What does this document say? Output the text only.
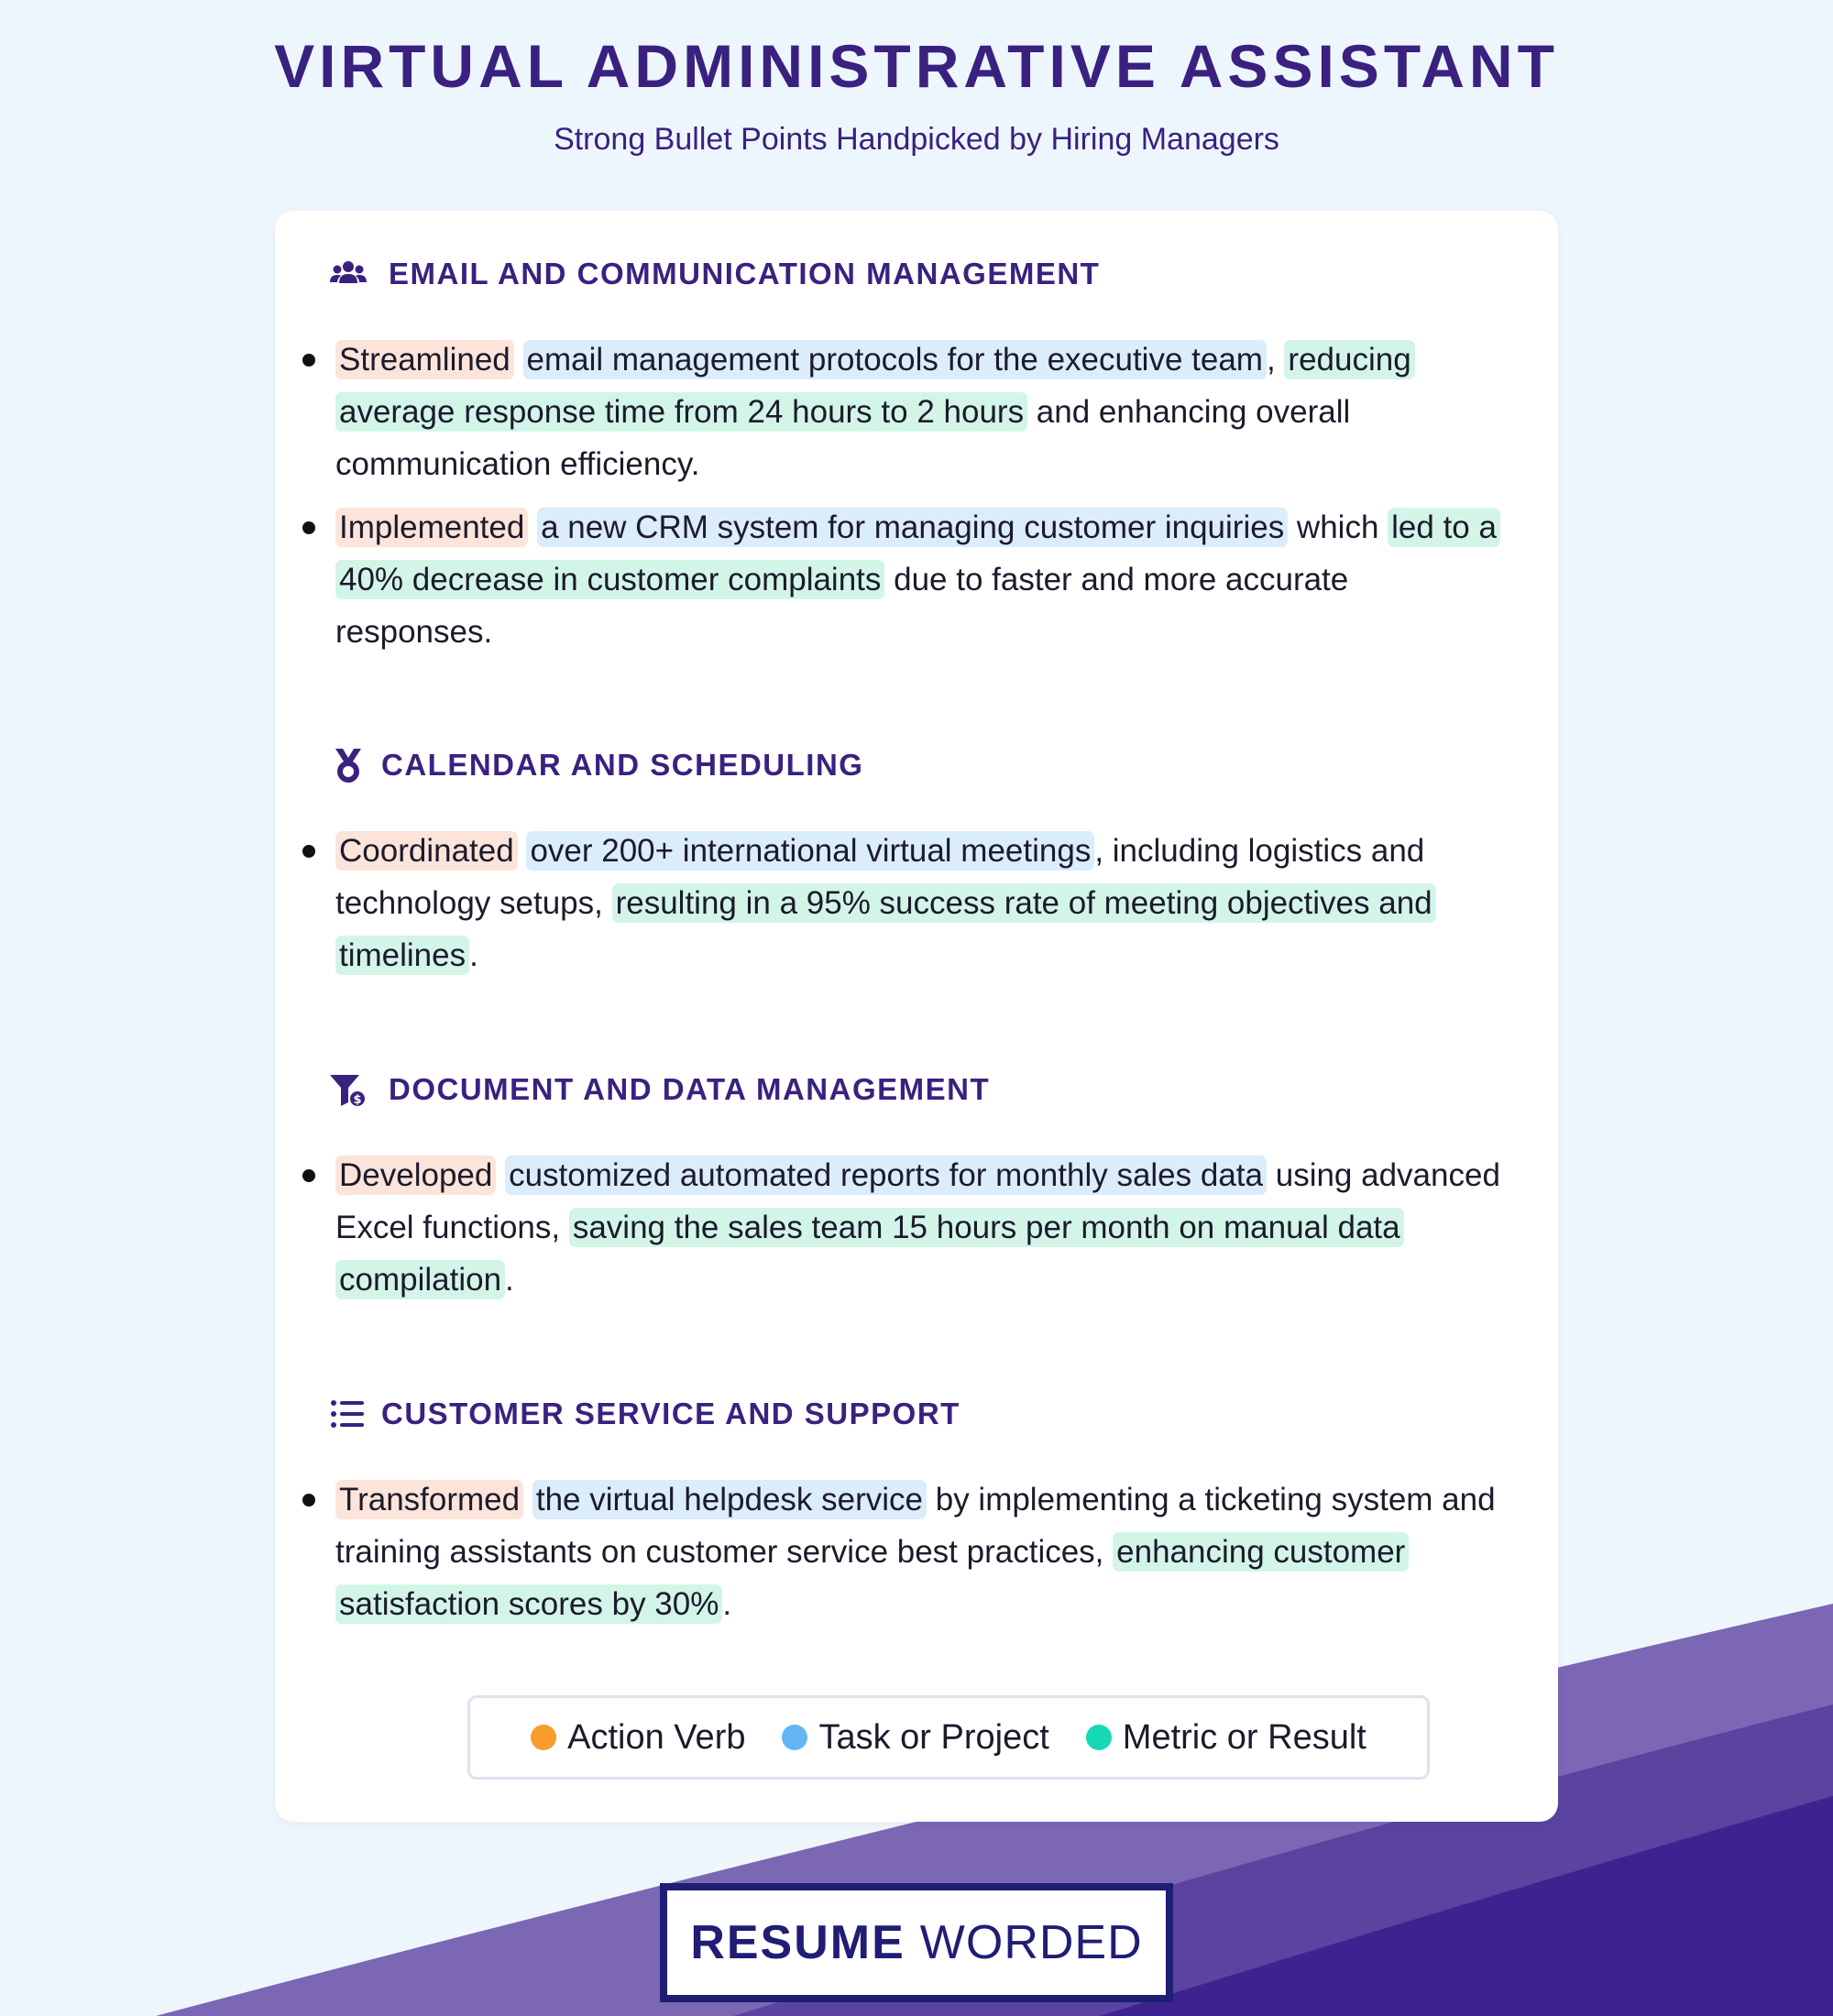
VIRTUAL ADMINISTRATIVE ASSISTANT
Strong Bullet Points Handpicked by Hiring Managers
EMAIL AND COMMUNICATION MANAGEMENT
Streamlined email management protocols for the executive team , reducing average response time from 24 hours to 2 hours and enhancing overall communication efficiency.
Implemented a new CRM system for managing customer inquiries which led to a 40% decrease in customer complaints due to faster and more accurate responses.
CALENDAR AND SCHEDULING
Coordinated over 200+ international virtual meetings , including logistics and technology setups, resulting in a 95% success rate of meeting objectives and timelines .
$ DOCUMENT AND DATA MANAGEMENT
Developed customized automated reports for monthly sales data using advanced Excel functions, saving the sales team 15 hours per month on manual data compilation .
CUSTOMER SERVICE AND SUPPORT
Transformed the virtual helpdesk service by implementing a ticketing system and training assistants on customer service best practices, enhancing customer satisfaction scores by 30% .
Action Verb Task or Project Metric or Result
RESUME WORDED
